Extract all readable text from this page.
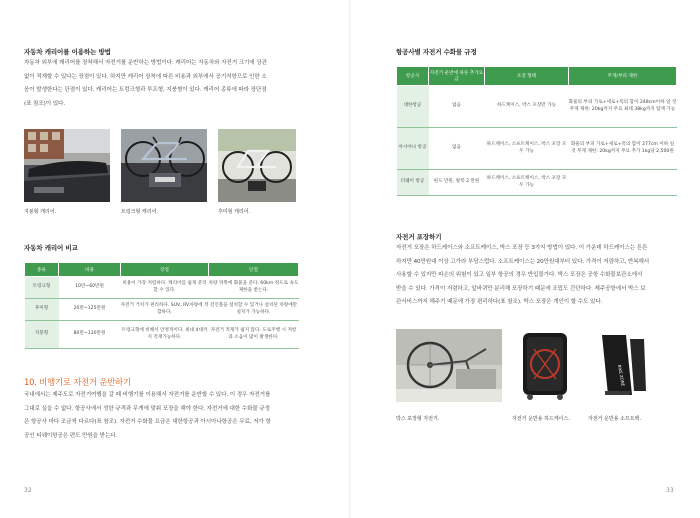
자동차 캐리어를 이용하는 방법
자동차 외부에 캐리어를 장착해서 자전거를 운반하는 방법이다. 캐리어는 자동차와 자전거 크기에 상관
없이 적재할 수 있다는 장점이 있다. 하지만 캐리어 장착에 따른 비용과 외부에서 공기저항으로 인한 소
음이 발생한다는 단점이 있다. 캐리어는 트렁크형과 루프형, 지붕형이 있다. 캐리어 종류에 따라 장단점
(표 참조)이 있다.
지붕형 캐리어.	트렁크형 캐리어.	후미형 캐리어.
자동차 캐리어 비교
종류	비용	장점	단점
트렁크형	10만~60만원	비용이 가장 저렴하다. 캐리어를 쉽게 분리할 수 있다.	차량 뒤쪽에 화물을 준다. 60km 정도로 속도제한을 받는다.
후미형	20만~125만원	자전거 거치가 편리하다. SUV, RV차량에 적합하다.	견인볼을 설치할 수 있거나 설치된 차량에만 설치가 가능하다.
지붕형	80만~130만원	트렁크형에 비해서 안정적이다. 최대 4대까지 적재가능하다.	자전거 적재가 쉽지 않다. 도로주행 시 저항과 소음이 많이 발생한다.
10. 비행기로 자전거 운반하기
국내에서는 제주도로 자전거여행을 갈 때 비행기를 이용해서 자전거를 운반할 수 있다. 이 경우 자전거를
그대로 실을 수 없다. 항공사에서 정한 규격과 무게에 맞춰 포장을 해야 한다. 자전거에 대한 수화물 규정
은 항공사 마다 조금씩 다르다(표 참조). 자전거 수화물 요금은 대한항공과 아시아나항공은 무료, 저가 항
공인 티웨이항공은 편도 만원을 받는다.
32
항공사별 자전거 수화물 규정
항공사	자전거 운반에 따른 추가요금	포장 형태	무게/부피 제한
대한항공	없음	하드케이스, 박스 포장만 가능	화물의 부피 가로+세로+폭의 합이 248cm이하 일 것 무게 제한: 20kg까지 무료 최대 38kg까지 탑재 가능
아시아나 항공	없음	하드케이스, 소프트케이스, 박스 포장 모두 가능	화물의 부피 가로+세로+폭의 합이 277cm 이하 일 것 무게 제한: 20kg까지 무료 추가 1kg당 2,500원
티웨이 항공	편도 만원, 왕복 2 만원	하드케이스, 소프트케이스, 박스 포장 모두 가능	
자전거 포장하기
자전거 포장은 하드케이스와 소프트케이스, 박스 포장 등 3가지 방법이 있다. 이 가운데 하드케이스는 튼튼
하지만 40만원대 이상 고가라 부담스럽다. 소프트케이스는 20만원대부터 있다. 가격이 저렴하고, 반복해서
사용할 수 있지만 파손의 위험이 있고 일부 항공의 경우 반입불가다. 박스 포장은 공항 수화물보관소에서
받을 수 있다. 가격이 저렴하고, 앞바퀴만 분리해 포장하기 때문에 조립도 간단하다. 제주공항에서 박스 보
관서비스까지 해주기 때문에 가장 편리하다(표 참조). 박스 포장은 개인이 할 수도 있다.
박스 포장형 자전거.	자전거 운반용 하드케이스.
BIKE ZONE
자전거 운반용 소프트백.
33
